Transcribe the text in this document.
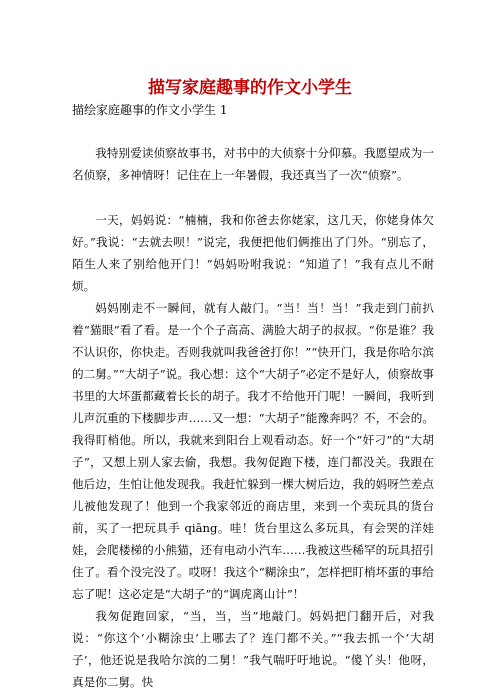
描写家庭趣事的作文小学生
描绘家庭趣事的作文小学生 1

我特别爱读侦察故事书，对书中的大侦察十分仰慕。我愿望成为一名侦察，多神情呀！记住在上一年暑假，我还真当了一次“侦察”。

一天，妈妈说：“楠楠，我和你爸去你姥家，这几天，你姥身体欠好。”我说：“去就去呗！”说完，我便把他们俩推出了门外。“别忘了，陌生人来了别给他开门！”妈妈吩咐我说：“知道了！”我有点儿不耐烦。

妈妈刚走不一瞬间，就有人敲门。“当！当！当！”我走到门前扒着“猫眼”看了看。是一个个子高高、满脸大胡子的叔叔。“你是谁？我不认识你，你快走。否则我就叫我爸爸打你！”“快开门，我是你哈尔滨的二舅。”“大胡子”说。我心想：这个“大胡子”必定不是好人，侦察故事书里的大坏蛋都藏着长长的胡子。我才不给他开门呢！一瞬间，我听到儿声沉重的下楼脚步声……又一想：“大胡子”能豫奔吗？不，不会的。我得盯梢他。所以，我就来到阳台上观看动态。好一个“奸刁”的“大胡子”，又想上别人家去偷，我想。我匆促跑下楼，连门都没关。我跟在他后边，生怕让他发现我。我赶忙躲到一棵大树后边，我的妈呀竺差点儿被他发现了！他到一个我家邻近的商店里，来到一个卖玩具的货台前，买了一把玩具手 qiāng。哇！货台里这么多玩具，有会哭的洋娃娃，会爬楼梯的小熊猫，还有电动小汽车……我被这些稀罕的玩具招引住了。看个没完没了。哎呀！我这个“糊涂虫”，怎样把盯梢坏蛋的事给忘了呢！这必定是“大胡子”的“调虎离山计”！

我匆促跑回家，“当，当，当”地敲门。妈妈把门翻开后，对我说：“你这个‘小糊涂虫’上哪去了？连门都不关。”“我去抓一个‘大胡子’，他还说是我哈尔滨的二舅！”我气喘吁吁地说。“傻丫头！他呀，真是你二舅。快
